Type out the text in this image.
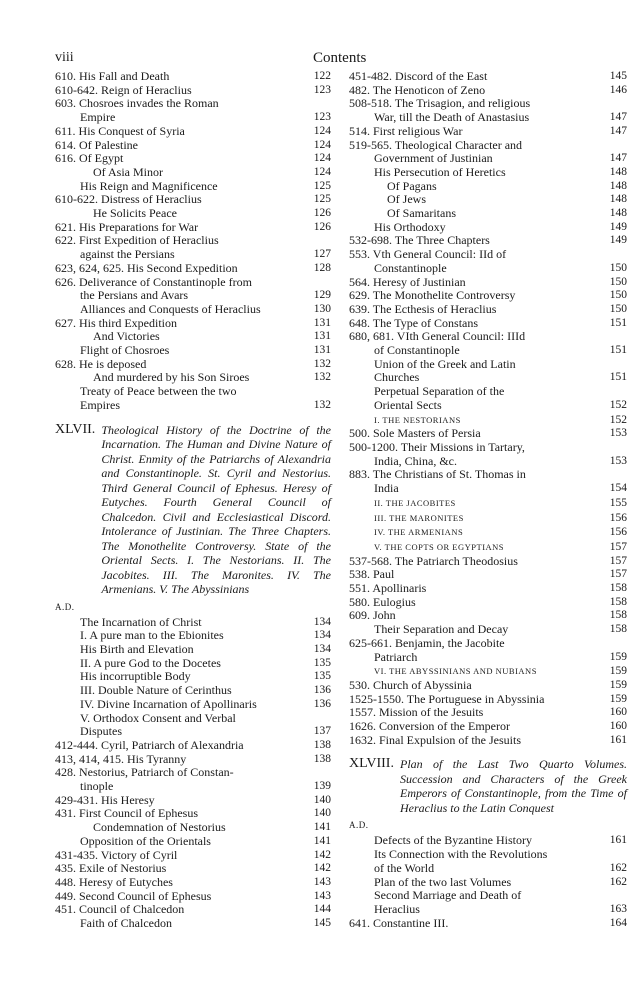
viii	Contents
610. His Fall and Death	122
610-642. Reign of Heraclius	123
603. Chosroes invades the Roman
Empire	123
611. His Conquest of Syria	124
614. Of Palestine	124
616. Of Egypt	124
Of Asia Minor	124
His Reign and Magnificence	125
610-622. Distress of Heraclius	125
He Solicits Peace	126
621. His Preparations for War	126
622. First Expedition of Heraclius
against the Persians	127
623, 624, 625. His Second Expedition	128
626. Deliverance of Constantinople from
the Persians and Avars	129
Alliances and Conquests of Heraclius	130
627. His third Expedition	131
And Victories	131
Flight of Chosroes	131
628. He is deposed	132
And murdered by his Son Siroes	132
Treaty of Peace between the two
Empires	132
XLVII. Theological History of the Doctrine of the Incarnation. The Human and Divine Nature of Christ. Enmity of the Patriarchs of Alexandria and Constantinople. St. Cyril and Nestorius. Third General Council of Ephesus. Heresy of Eutyches. Fourth General Council of Chalcedon. Civil and Ecclesiastical Discord. Intolerance of Justinian. The Three Chapters. The Monothelite Controversy. State of the Oriental Sects. I. The Nestorians. II. The Jacobites. III. The Maronites. IV. The Armenians. V. The Abyssinians
A.D.
The Incarnation of Christ	134
I. A pure man to the Ebionites	134
His Birth and Elevation	134
II. A pure God to the Docetes	135
His incorruptible Body	135
III. Double Nature of Cerinthus	136
IV. Divine Incarnation of Apollinaris	136
V. Orthodox Consent and Verbal
Disputes	137
412-444. Cyril, Patriarch of Alexandria	138
413, 414, 415. His Tyranny	138
428. Nestorius, Patriarch of Constan-
tinople	139
429-431. His Heresy	140
431. First Council of Ephesus	140
Condemnation of Nestorius	141
Opposition of the Orientals	141
431-435. Victory of Cyril	142
435. Exile of Nestorius	142
448. Heresy of Eutyches	143
449. Second Council of Ephesus	143
451. Council of Chalcedon	144
Faith of Chalcedon	145
451-482. Discord of the East	145
482. The Henoticon of Zeno	146
508-518. The Trisagion, and religious
War, till the Death of Anastasius	147
514. First religious War	147
519-565. Theological Character and
Government of Justinian	147
His Persecution of Heretics	148
Of Pagans	148
Of Jews	148
Of Samaritans	148
His Orthodoxy	149
532-698. The Three Chapters	149
553. Vth General Council: IId of
Constantinople	150
564. Heresy of Justinian	150
629. The Monothelite Controversy	150
639. The Ecthesis of Heraclius	150
648. The Type of Constans	151
680, 681. VIth General Council: IIId
of Constantinople	151
Union of the Greek and Latin
Churches	151
Perpetual Separation of the
Oriental Sects	152
I. THE NESTORIANS	152
500. Sole Masters of Persia	153
500-1200. Their Missions in Tartary,
India, China, &c.	153
883. The Christians of St. Thomas in
India	154
II. THE JACOBITES	155
III. THE MARONITES	156
IV. THE ARMENIANS	156
V. THE COPTS OR EGYPTIANS	157
537-568. The Patriarch Theodosius	157
538. Paul	157
551. Apollinaris	158
580. Eulogius	158
609. John	158
Their Separation and Decay	158
625-661. Benjamin, the Jacobite
Patriarch	159
VI. THE ABYSSINIANS AND NUBIANS	159
530. Church of Abyssinia	159
1525-1550. The Portuguese in Abyssinia	159
1557. Mission of the Jesuits	160
1626. Conversion of the Emperor	160
1632. Final Expulsion of the Jesuits	161
XLVIII. Plan of the Last Two Quarto Volumes. Succession and Characters of the Greek Emperors of Constantinople, from the Time of Heraclius to the Latin Conquest
A.D.
Defects of the Byzantine History	161
Its Connection with the Revolutions
of the World	162
Plan of the two last Volumes	162
Second Marriage and Death of
Heraclius	163
641. Constantine III.	164
